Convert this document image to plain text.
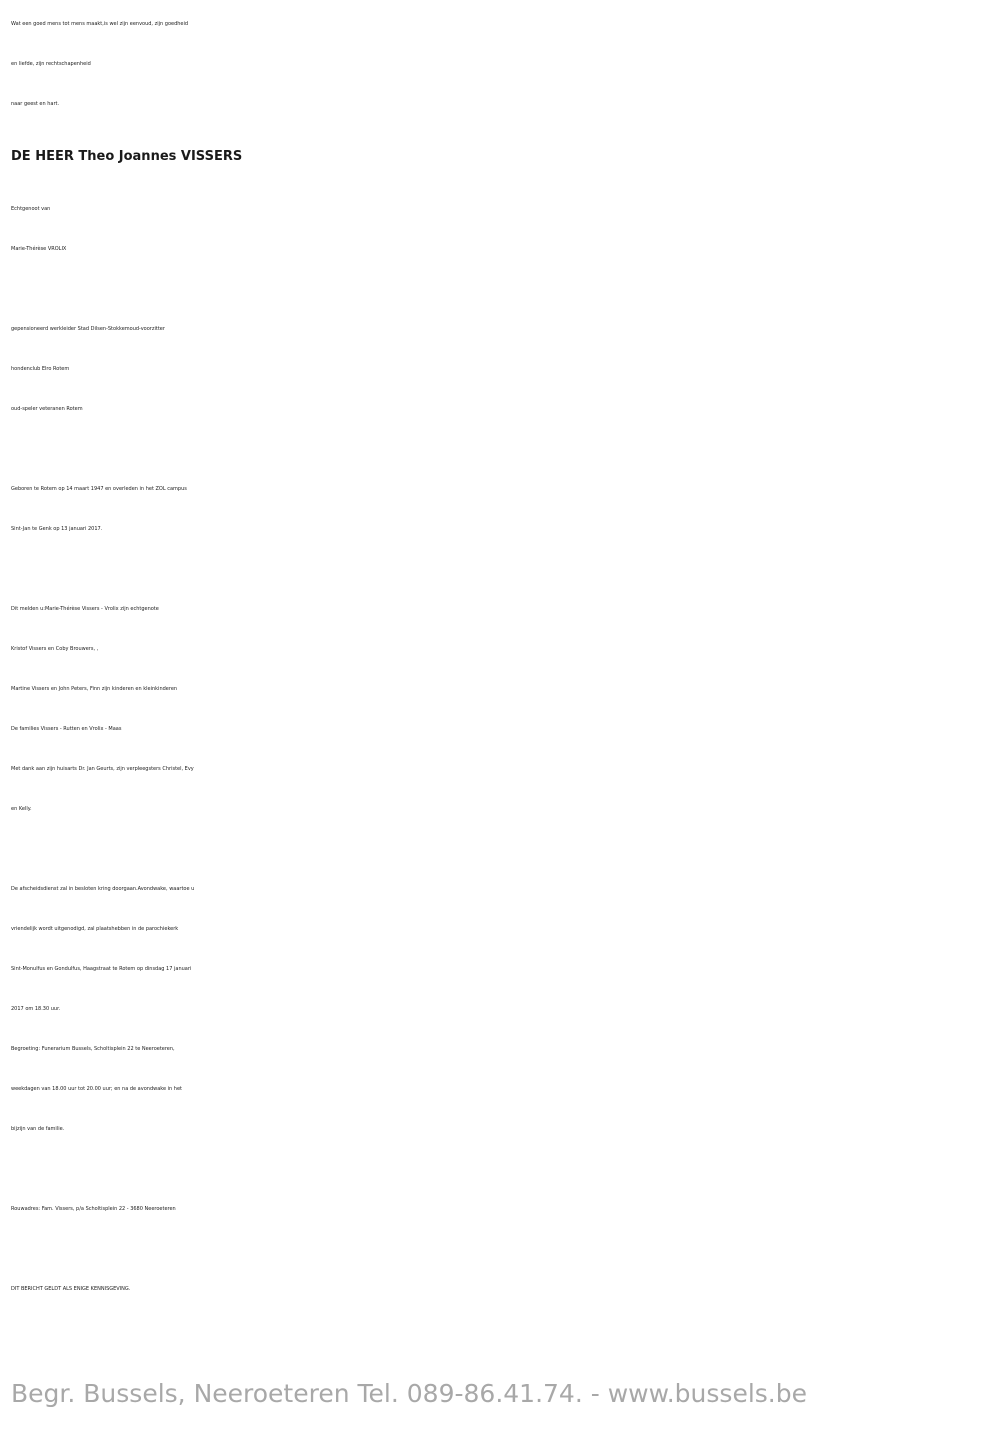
Wat een goed mens tot mens maakt,is wel zijn eenvoud, zijn goedheid

en liefde, zijn rechtschapenheid

naar geest en hart.

DE HEER Theo Joannes VISSERS

Echtgenoot van

Marie-Thérèse VROLIX

gepensioneerd werkleider Stad Dilsen-Stokkemoud-voorzitter

hondenclub Elro Rotem

oud-speler veteranen Rotem

Geboren te Rotem op 14 maart 1947 en overleden in het ZOL campus

Sint-Jan te Genk op 13 januari 2017.

Dit melden u:Marie-Thérèse Vissers - Vrolix zijn echtgenote

Kristof Vissers en Coby Brouwers, ,

Martine Vissers en John Peters, Finn zijn kinderen en kleinkinderen

De families Vissers - Rutten en Vrolix - Maas

Met dank aan zijn huisarts Dr. Jan Geurts, zijn verpleegsters Christel, Evy

en Kelly.

De afscheidsdienst zal in besloten kring doorgaan.Avondwake, waartoe u

vriendelijk wordt uitgenodigd, zal plaatshebben in de parochiekerk

Sint-Monulfus en Gondulfus, Haagstraat te Rotem op dinsdag 17 januari

2017 om 18.30 uur.

Begroeting: Funerarium Bussels, Scholtisplein 22 te Neeroeteren,

weekdagen van 18.00 uur tot 20.00 uur; en na de avondwake in het

bijzijn van de familie.

Rouwadres: Fam. Vissers, p/a Scholtisplein 22 - 3680 Neeroeteren

DIT BERICHT GELDT ALS ENIGE KENNISGEVING.

Begr. Bussels, Neeroeteren Tel. 089-86.41.74. - www.bussels.be
